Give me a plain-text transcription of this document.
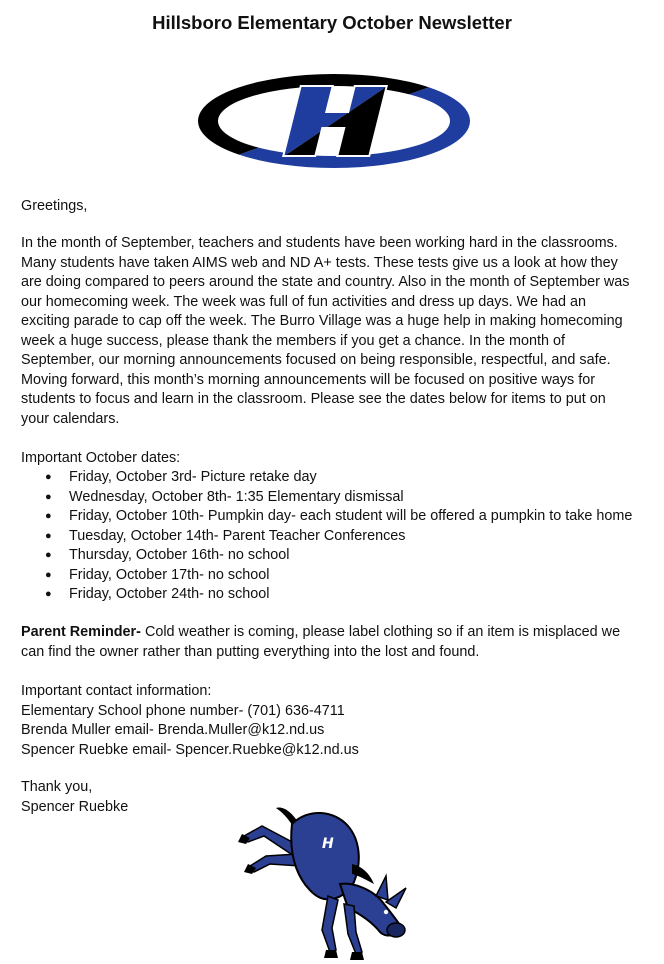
Hillsboro Elementary October Newsletter

Greetings,

In the month of September, teachers and students have been working hard in the classrooms.
Many students have taken AIMS web and ND A+ tests. These tests give us a look at how they
are doing compared to peers around the state and country. Also in the month of September was
our homecoming week. The week was full of fun activities and dress up days. We had an
exciting parade to cap off the week. The Burro Village was a huge help in making homecoming
week a huge success, please thank the members if you get a chance. In the month of
September, our morning announcements focused on being responsible, respectful, and safe.
Moving forward, this month’s morning announcements will be focused on positive ways for
students to focus and learn in the classroom. Please see the dates below for items to put on
your calendars.

Important October dates:

● Friday, October 3rd- Picture retake day
● Wednesday, October 8th- 1:35 Elementary dismissal
● Friday, October 10th- Pumpkin day- each student will be offered a pumpkin to take home
● Tuesday, October 14th- Parent Teacher Conferences
● Thursday, October 16th- no school
● Friday, October 17th- no school
● Friday, October 24th- no school

Parent Reminder- Cold weather is coming, please label clothing so if an item is misplaced we
can find the owner rather than putting everything into the lost and found.

Important contact information:
Elementary School phone number- (701) 636-4711
Brenda Muller email- Brenda.Muller@k12.nd.us
Spencer Ruebke email- Spencer.Ruebke@k12.nd.us

Thank you,
Spencer Ruebke

H
